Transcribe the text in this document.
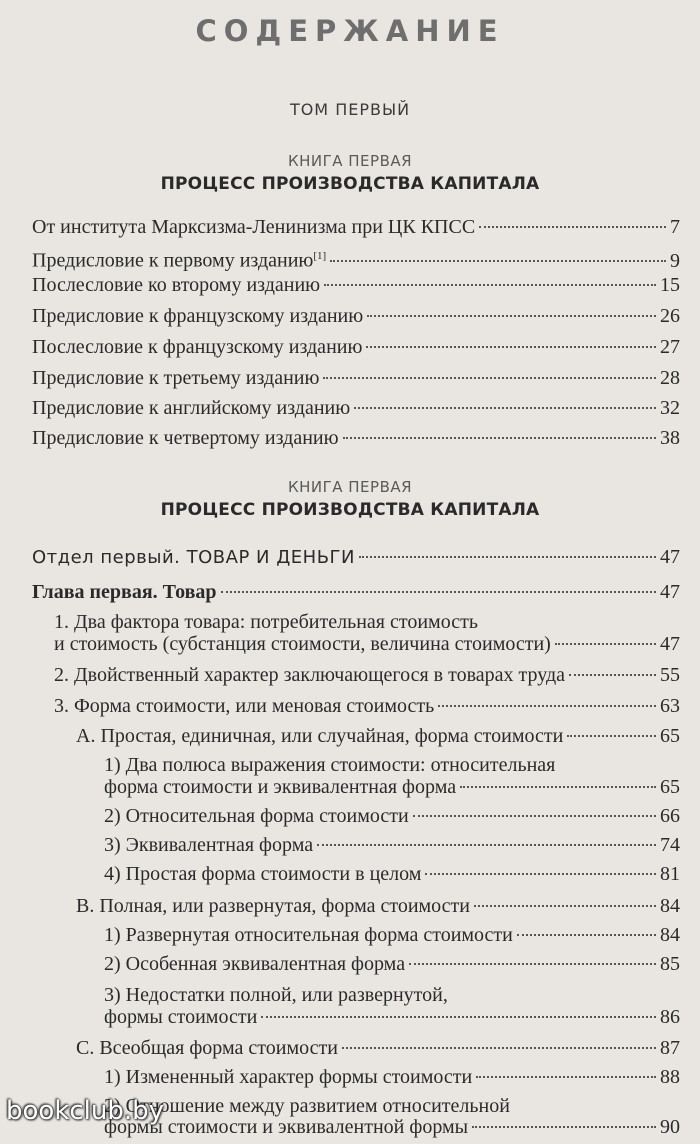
СОДЕРЖАНИЕ
ТОМ ПЕРВЫЙ
КНИГА ПЕРВАЯ
ПРОЦЕСС ПРОИЗВОДСТВА КАПИТАЛА
От института Марксизма-Ленинизма при ЦК КПСС	7
Предисловие к первому изданию[1]	9
Послесловие ко второму изданию	15
Предисловие к французскому изданию	26
Послесловие к французскому изданию	27
Предисловие к третьему изданию	28
Предисловие к английскому изданию	32
Предисловие к четвертому изданию	38
КНИГА ПЕРВАЯ
ПРОЦЕСС ПРОИЗВОДСТВА КАПИТАЛА
Отдел первый. ТОВАР И ДЕНЬГИ	47
Глава первая. Товар	47
1. Два фактора товара: потребительная стоимость
и стоимость (субстанция стоимости, величина стоимости)	47
2. Двойственный характер заключающегося в товарах труда	55
3. Форма стоимости, или меновая стоимость	63
А. Простая, единичная, или случайная, форма стоимости	65
1) Два полюса выражения стоимости: относительная
форма стоимости и эквивалентная форма	65
2) Относительная форма стоимости	66
3) Эквивалентная форма	74
4) Простая форма стоимости в целом	81
В. Полная, или развернутая, форма стоимости	84
1) Развернутая относительная форма стоимости	84
2) Особенная эквивалентная форма	85
3) Недостатки полной, или развернутой,
формы стоимости	86
С. Всеобщая форма стоимости	87
1) Измененный характер формы стоимости	88
2) Отношение между развитием относительной
формы стоимости и эквивалентной формы	90
bookclub.by
